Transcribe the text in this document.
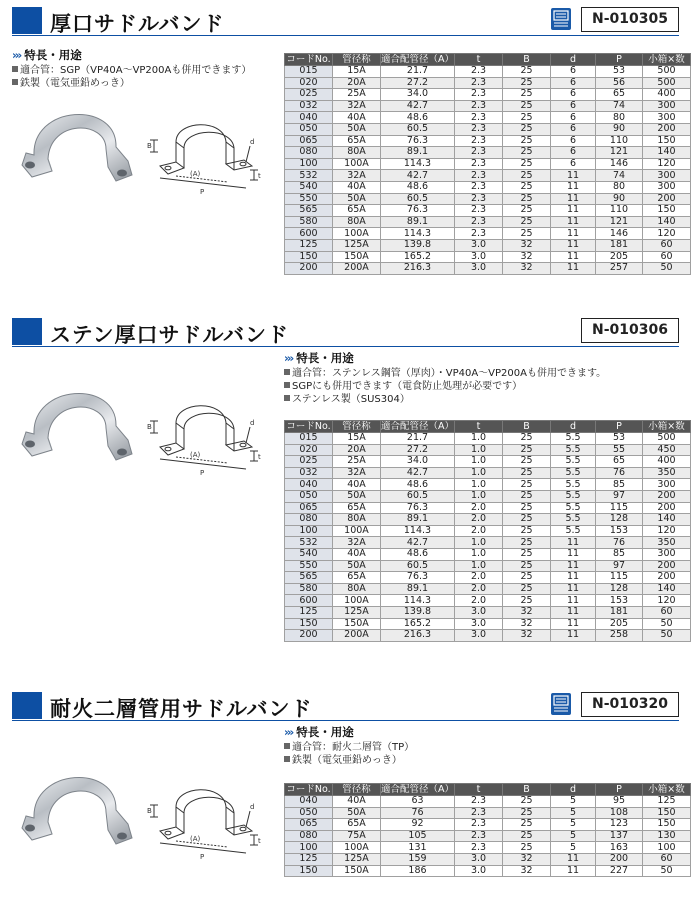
厚口サドルバンド	N-010305
››› 特長・用途
適合管：SGP（VP40A～VP200Aも併用できます）
鉄製（電気亜鉛めっき）
B	d
(A)
P
t
コードNo.	管径称	適合配管径（A）	t	B	d	P	小箱×数
015	15A	21.7	2.3	25	6	53	500
020	20A	27.2	2.3	25	6	56	500
025	25A	34.0	2.3	25	6	65	400
032	32A	42.7	2.3	25	6	74	300
040	40A	48.6	2.3	25	6	80	300
050	50A	60.5	2.3	25	6	90	200
065	65A	76.3	2.3	25	6	110	150
080	80A	89.1	2.3	25	6	121	140
100	100A	114.3	2.3	25	6	146	120
532	32A	42.7	2.3	25	11	74	300
540	40A	48.6	2.3	25	11	80	300
550	50A	60.5	2.3	25	11	90	200
565	65A	76.3	2.3	25	11	110	150
580	80A	89.1	2.3	25	11	121	140
600	100A	114.3	2.3	25	11	146	120
125	125A	139.8	3.0	32	11	181	60
150	150A	165.2	3.0	32	11	205	60
200	200A	216.3	3.0	32	11	257	50
ステン厚口サドルバンド	N-010306
››› 特長・用途
適合管：ステンレス鋼管（厚肉）・VP40A～VP200Aも併用できます。
SGPにも併用できます（電食防止処理が必要です）
ステンレス製（SUS304）
B	d
(A)
P
t
コードNo.	管径称	適合配管径（A）	t	B	d	P	小箱×数
015	15A	21.7	1.0	25	5.5	53	500
020	20A	27.2	1.0	25	5.5	55	450
025	25A	34.0	1.0	25	5.5	65	400
032	32A	42.7	1.0	25	5.5	76	350
040	40A	48.6	1.0	25	5.5	85	300
050	50A	60.5	1.0	25	5.5	97	200
065	65A	76.3	2.0	25	5.5	115	200
080	80A	89.1	2.0	25	5.5	128	140
100	100A	114.3	2.0	25	5.5	153	120
532	32A	42.7	1.0	25	11	76	350
540	40A	48.6	1.0	25	11	85	300
550	50A	60.5	1.0	25	11	97	200
565	65A	76.3	2.0	25	11	115	200
580	80A	89.1	2.0	25	11	128	140
600	100A	114.3	2.0	25	11	153	120
125	125A	139.8	3.0	32	11	181	60
150	150A	165.2	3.0	32	11	205	50
200	200A	216.3	3.0	32	11	258	50
耐火二層管用サドルバンド	N-010320
››› 特長・用途
適合管：耐火二層管（TP）
鉄製（電気亜鉛めっき）
B	d
(A)
P
t
コードNo.	管径称	適合配管径（A）	t	B	d	P	小箱×数
040	40A	63	2.3	25	5	95	125
050	50A	76	2.3	25	5	108	150
065	65A	92	2.3	25	5	123	150
080	75A	105	2.3	25	5	137	130
100	100A	131	2.3	25	5	163	100
125	125A	159	3.0	32	11	200	60
150	150A	186	3.0	32	11	227	50
